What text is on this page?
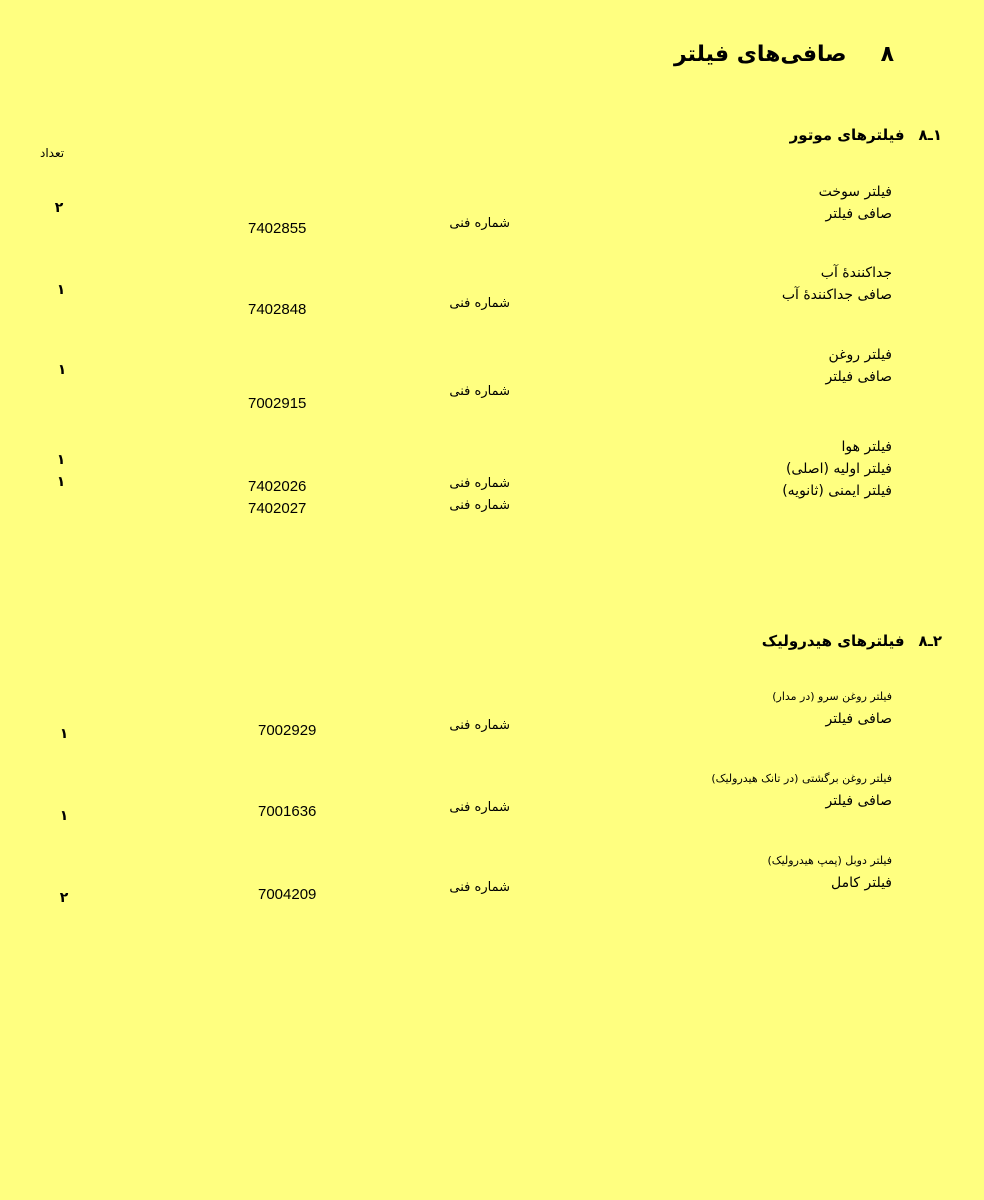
۸صافی‌های فیلتر
تعداد
۱ـ۸فیلترهای موتور
فیلتر سوخت
صافی فیلتر
شماره فنی
7402855
۲
جداکنندهٔ آب
صافی جداکنندهٔ آب
شماره فنی
7402848
۱
فیلتر روغن
صافی فیلتر
شماره فنی
7002915
۱
فیلتر هوا
فیلتر اولیه (اصلی)
فیلتر ایمنی (ثانویه)
شماره فنی
شماره فنی
7402026
7402027
۱
۱
۲ـ۸فیلترهای هیدرولیک
فیلتر روغن سرو (در مدار)
صافی فیلتر
شماره فنی
7002929
۱
فیلتر روغن برگشتی (در تانک هیدرولیک)
صافی فیلتر
شماره فنی
7001636
۱
فیلتر دوبل (پمپ هیدرولیک)
فیلتر کامل
شماره فنی
7004209
۲
